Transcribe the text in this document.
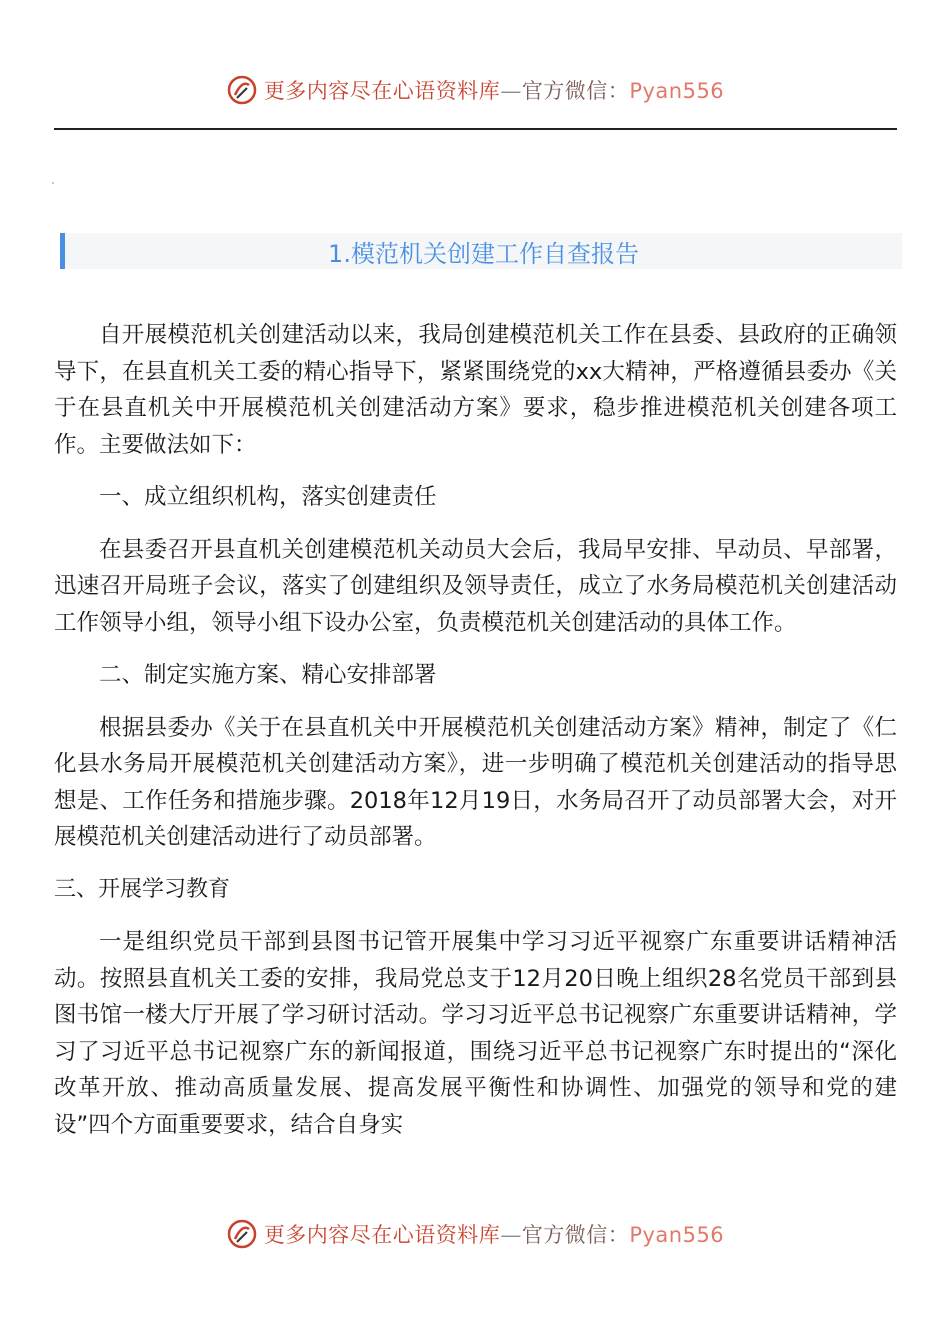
更多内容尽在心语资料库—官方微信：Pyan556
1.模范机关创建工作自查报告

自开展模范机关创建活动以来，我局创建模范机关工作在县委、县政府的正确领导下，在县直机关工委的精心指导下，紧紧围绕党的xx大精神，严格遵循县委办《关于在县直机关中开展模范机关创建活动方案》要求，稳步推进模范机关创建各项工作。主要做法如下：

一、成立组织机构，落实创建责任

在县委召开县直机关创建模范机关动员大会后，我局早安排、早动员、早部署，迅速召开局班子会议，落实了创建组织及领导责任，成立了水务局模范机关创建活动工作领导小组，领导小组下设办公室，负责模范机关创建活动的具体工作。

二、制定实施方案、精心安排部署

根据县委办《关于在县直机关中开展模范机关创建活动方案》精神，制定了《仁化县水务局开展模范机关创建活动方案》，进一步明确了模范机关创建活动的指导思想是、工作任务和措施步骤。2018年12月19日，水务局召开了动员部署大会，对开展模范机关创建活动进行了动员部署。

三、开展学习教育

一是组织党员干部到县图书记管开展集中学习习近平视察广东重要讲话精神活动。按照县直机关工委的安排，我局党总支于12月20日晚上组织28名党员干部到县图书馆一楼大厅开展了学习研讨活动。学习习近平总书记视察广东重要讲话精神，学习了习近平总书记视察广东的新闻报道，围绕习近平总书记视察广东时提出的“深化改革开放、推动高质量发展、提高发展平衡性和协调性、加强党的领导和党的建设”四个方面重要要求，结合自身实

更多内容尽在心语资料库—官方微信：Pyan556
